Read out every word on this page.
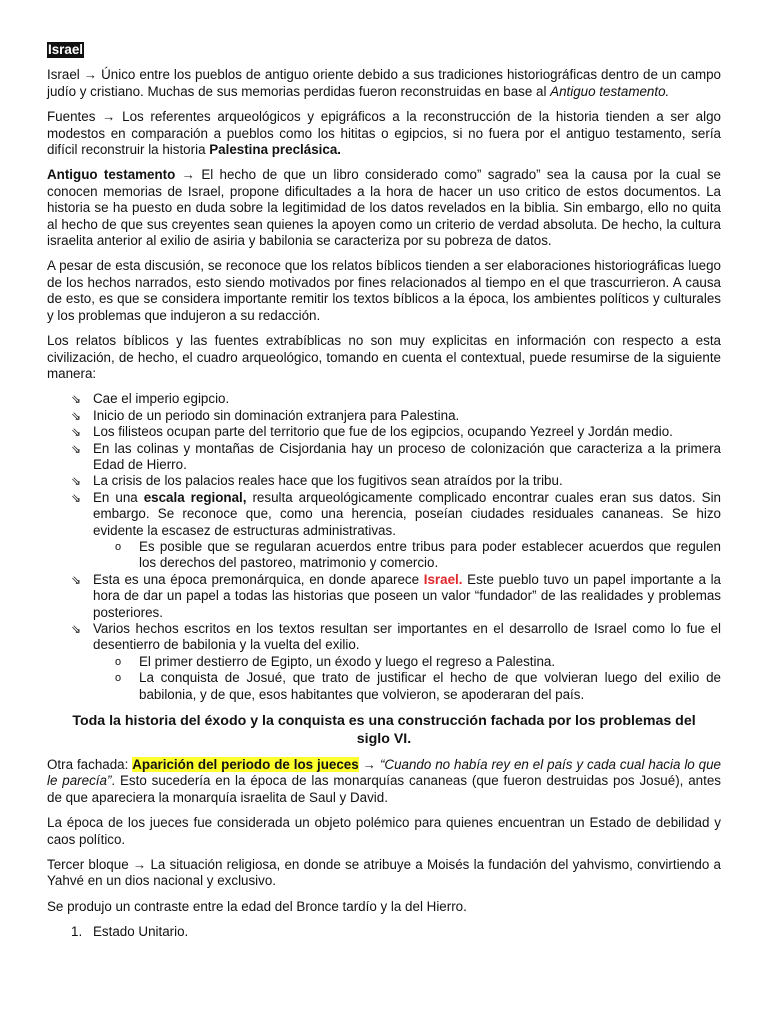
Israel

Israel → Único entre los pueblos de antiguo oriente debido a sus tradiciones historiográficas dentro de un campo judío y cristiano. Muchas de sus memorias perdidas fueron reconstruidas en base al Antiguo testamento.

Fuentes → Los referentes arqueológicos y epigráficos a la reconstrucción de la historia tienden a ser algo modestos en comparación a pueblos como los hititas o egipcios, si no fuera por el antiguo testamento, sería difícil reconstruir la historia Palestina preclásica.

Antiguo testamento → El hecho de que un libro considerado como” sagrado” sea la causa por la cual se conocen memorias de Israel, propone dificultades a la hora de hacer un uso critico de estos documentos. La historia se ha puesto en duda sobre la legitimidad de los datos revelados en la biblia. Sin embargo, ello no quita al hecho de que sus creyentes sean quienes la apoyen como un criterio de verdad absoluta. De hecho, la cultura israelita anterior al exilio de asiria y babilonia se caracteriza por su pobreza de datos.

A pesar de esta discusión, se reconoce que los relatos bíblicos tienden a ser elaboraciones historiográficas luego de los hechos narrados, esto siendo motivados por fines relacionados al tiempo en el que trascurrieron. A causa de esto, es que se considera importante remitir los textos bíblicos a la época, los ambientes políticos y culturales y los problemas que indujeron a su redacción.

Los relatos bíblicos y las fuentes extrabíblicas no son muy explicitas en información con respecto a esta civilización, de hecho, el cuadro arqueológico, tomando en cuenta el contextual, puede resumirse de la siguiente manera:

⇘ Cae el imperio egipcio.
⇘ Inicio de un periodo sin dominación extranjera para Palestina.
⇘ Los filisteos ocupan parte del territorio que fue de los egipcios, ocupando Yezreel y Jordán medio.
⇘ En las colinas y montañas de Cisjordania hay un proceso de colonización que caracteriza a la primera Edad de Hierro.
⇘ La crisis de los palacios reales hace que los fugitivos sean atraídos por la tribu.
⇘ En una escala regional, resulta arqueológicamente complicado encontrar cuales eran sus datos. Sin embargo. Se reconoce que, como una herencia, poseían ciudades residuales cananeas. Se hizo evidente la escasez de estructuras administrativas.
o Es posible que se regularan acuerdos entre tribus para poder establecer acuerdos que regulen los derechos del pastoreo, matrimonio y comercio.
⇘ Esta es una época premonárquica, en donde aparece Israel. Este pueblo tuvo un papel importante a la hora de dar un papel a todas las historias que poseen un valor “fundador” de las realidades y problemas posteriores.
⇘ Varios hechos escritos en los textos resultan ser importantes en el desarrollo de Israel como lo fue el desentierro de babilonia y la vuelta del exilio.
o El primer destierro de Egipto, un éxodo y luego el regreso a Palestina.
o La conquista de Josué, que trato de justificar el hecho de que volvieran luego del exilio de babilonia, y de que, esos habitantes que volvieron, se apoderaran del país.
Toda la historia del éxodo y la conquista es una construcción fachada por los problemas del siglo VI.

Otra fachada: Aparición del periodo de los jueces → “Cuando no había rey en el país y cada cual hacia lo que le parecía”. Esto sucedería en la época de las monarquías cananeas (que fueron destruidas pos Josué), antes de que apareciera la monarquía israelita de Saul y David.

La época de los jueces fue considerada un objeto polémico para quienes encuentran un Estado de debilidad y caos político.

Tercer bloque → La situación religiosa, en donde se atribuye a Moisés la fundación del yahvismo, convirtiendo a Yahvé en un dios nacional y exclusivo.

Se produjo un contraste entre la edad del Bronce tardío y la del Hierro.

1. Estado Unitario.
